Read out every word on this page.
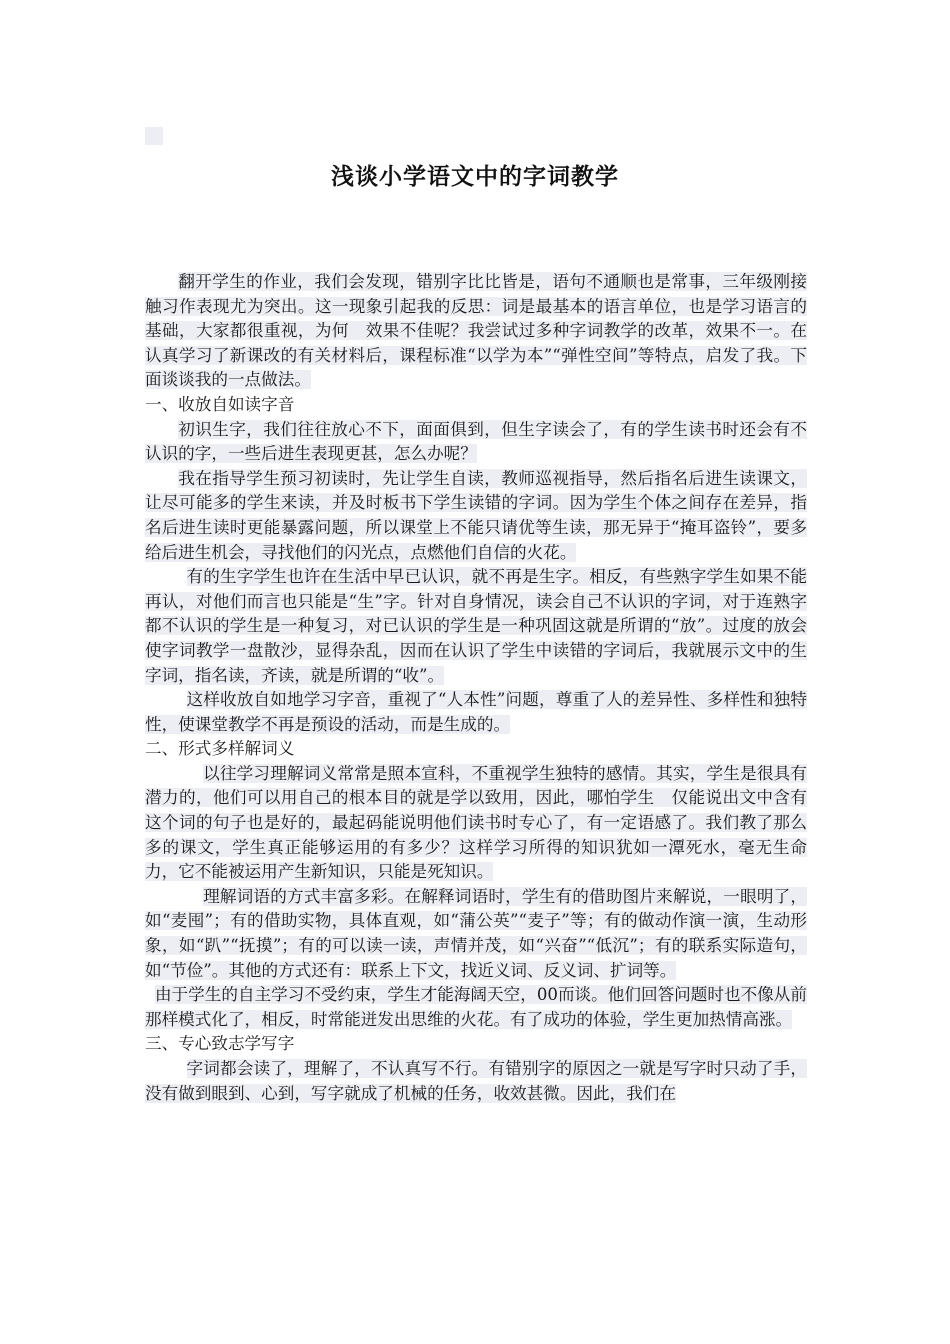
浅谈小学语文中的字词教学

翻开学生的作业，我们会发现，错别字比比皆是，语句不通顺也是常事，三年级刚接触习作表现尤为突出。这一现象引起我的反思：词是最基本的语言单位，也是学习语言的基础，大家都很重视，为何　效果不佳呢？我尝试过多种字词教学的改革，效果不一。在认真学习了新课改的有关材料后，课程标准“以学为本”“弹性空间”等特点，启发了我。下面谈谈我的一点做法。

一、收放自如读字音

初识生字，我们往往放心不下，面面俱到，但生字读会了，有的学生读书时还会有不认识的字，一些后进生表现更甚，怎么办呢？

我在指导学生预习初读时，先让学生自读，教师巡视指导，然后指名后进生读课文，让尽可能多的学生来读，并及时板书下学生读错的字词。因为学生个体之间存在差异，指名后进生读时更能暴露问题，所以课堂上不能只请优等生读，那无异于“掩耳盗铃”，要多给后进生机会，寻找他们的闪光点，点燃他们自信的火花。

有的生字学生也许在生活中早已认识，就不再是生字。相反，有些熟字学生如果不能再认，对他们而言也只能是“生”字。针对自身情况，读会自己不认识的字词，对于连熟字都不认识的学生是一种复习，对已认识的学生是一种巩固这就是所谓的“放”。过度的放会使字词教学一盘散沙，显得杂乱，因而在认识了学生中读错的字词后，我就展示文中的生字词，指名读，齐读，就是所谓的“收”。

这样收放自如地学习字音，重视了“人本性”问题，尊重了人的差异性、多样性和独特性，使课堂教学不再是预设的活动，而是生成的。

二、形式多样解词义

以往学习理解词义常常是照本宣科，不重视学生独特的感情。其实，学生是很具有潜力的，他们可以用自己的根本目的就是学以致用，因此，哪怕学生　仅能说出文中含有这个词的句子也是好的，最起码能说明他们读书时专心了，有一定语感了。我们教了那么多的课文，学生真正能够运用的有多少？这样学习所得的知识犹如一潭死水，毫无生命力，它不能被运用产生新知识，只能是死知识。

理解词语的方式丰富多彩。在解释词语时，学生有的借助图片来解说，一眼明了，如“麦囤”；有的借助实物，具体直观，如“蒲公英”“麦子”等；有的做动作演一演，生动形象，如“趴”“抚摸”；有的可以读一读，声情并茂，如“兴奋”“低沉”；有的联系实际造句，如“节俭”。其他的方式还有：联系上下文，找近义词、反义词、扩词等。

由于学生的自主学习不受约束，学生才能海阔天空，00而谈。他们回答问题时也不像从前那样模式化了，相反，时常能迸发出思维的火花。有了成功的体验，学生更加热情高涨。

三、专心致志学写字

字词都会读了，理解了，不认真写不行。有错别字的原因之一就是写字时只动了手，没有做到眼到、心到，写字就成了机械的任务，收效甚微。因此，我们在
